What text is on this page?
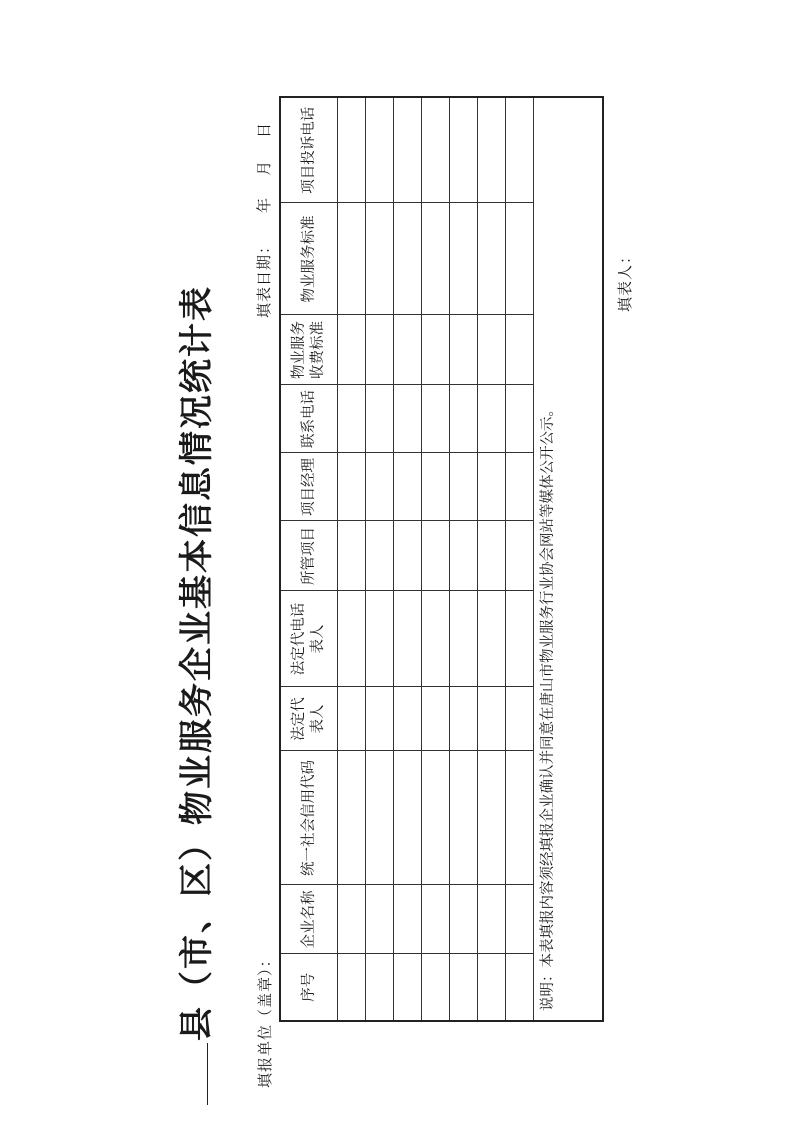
县（市、区）物业服务企业基本信息情况统计表	填报单位（盖章）：
填表日期：
年
月
日
序号	企业名称	统一社会信用代码	法定代 表人	法定代电话 表人	所管项目	项目经理	联系电话	物业服务 收费标准	物业服务标准	项目投诉电话

说明：本表填报内容须经填报企业确认并同意在唐山市物业服务行业协会网站等媒体公开公示。										
填表人：
